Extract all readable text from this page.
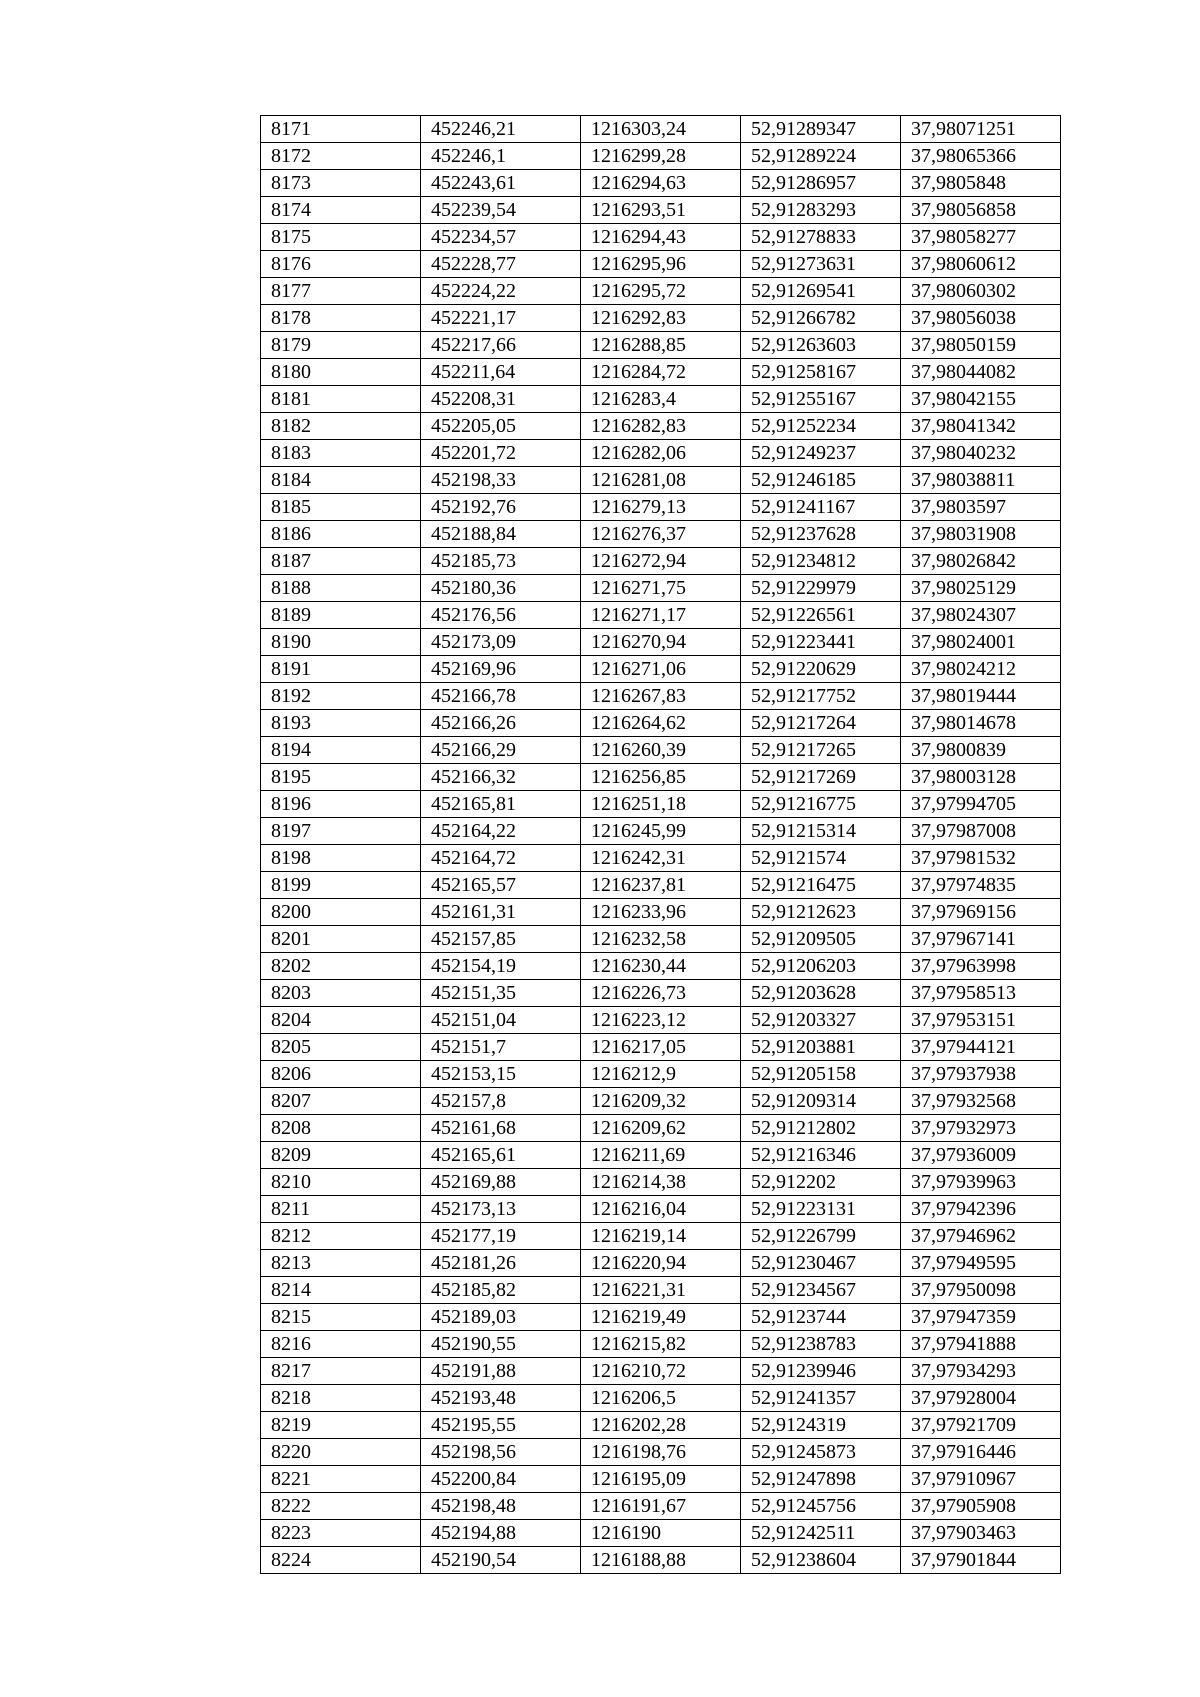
8171	452246,21	1216303,24	52,91289347	37,98071251
8172	452246,1	1216299,28	52,91289224	37,98065366
8173	452243,61	1216294,63	52,91286957	37,9805848
8174	452239,54	1216293,51	52,91283293	37,98056858
8175	452234,57	1216294,43	52,91278833	37,98058277
8176	452228,77	1216295,96	52,91273631	37,98060612
8177	452224,22	1216295,72	52,91269541	37,98060302
8178	452221,17	1216292,83	52,91266782	37,98056038
8179	452217,66	1216288,85	52,91263603	37,98050159
8180	452211,64	1216284,72	52,91258167	37,98044082
8181	452208,31	1216283,4	52,91255167	37,98042155
8182	452205,05	1216282,83	52,91252234	37,98041342
8183	452201,72	1216282,06	52,91249237	37,98040232
8184	452198,33	1216281,08	52,91246185	37,98038811
8185	452192,76	1216279,13	52,91241167	37,9803597
8186	452188,84	1216276,37	52,91237628	37,98031908
8187	452185,73	1216272,94	52,91234812	37,98026842
8188	452180,36	1216271,75	52,91229979	37,98025129
8189	452176,56	1216271,17	52,91226561	37,98024307
8190	452173,09	1216270,94	52,91223441	37,98024001
8191	452169,96	1216271,06	52,91220629	37,98024212
8192	452166,78	1216267,83	52,91217752	37,98019444
8193	452166,26	1216264,62	52,91217264	37,98014678
8194	452166,29	1216260,39	52,91217265	37,9800839
8195	452166,32	1216256,85	52,91217269	37,98003128
8196	452165,81	1216251,18	52,91216775	37,97994705
8197	452164,22	1216245,99	52,91215314	37,97987008
8198	452164,72	1216242,31	52,9121574	37,97981532
8199	452165,57	1216237,81	52,91216475	37,97974835
8200	452161,31	1216233,96	52,91212623	37,97969156
8201	452157,85	1216232,58	52,91209505	37,97967141
8202	452154,19	1216230,44	52,91206203	37,97963998
8203	452151,35	1216226,73	52,91203628	37,97958513
8204	452151,04	1216223,12	52,91203327	37,97953151
8205	452151,7	1216217,05	52,91203881	37,97944121
8206	452153,15	1216212,9	52,91205158	37,97937938
8207	452157,8	1216209,32	52,91209314	37,97932568
8208	452161,68	1216209,62	52,91212802	37,97932973
8209	452165,61	1216211,69	52,91216346	37,97936009
8210	452169,88	1216214,38	52,912202	37,97939963
8211	452173,13	1216216,04	52,91223131	37,97942396
8212	452177,19	1216219,14	52,91226799	37,97946962
8213	452181,26	1216220,94	52,91230467	37,97949595
8214	452185,82	1216221,31	52,91234567	37,97950098
8215	452189,03	1216219,49	52,9123744	37,97947359
8216	452190,55	1216215,82	52,91238783	37,97941888
8217	452191,88	1216210,72	52,91239946	37,97934293
8218	452193,48	1216206,5	52,91241357	37,97928004
8219	452195,55	1216202,28	52,9124319	37,97921709
8220	452198,56	1216198,76	52,91245873	37,97916446
8221	452200,84	1216195,09	52,91247898	37,97910967
8222	452198,48	1216191,67	52,91245756	37,97905908
8223	452194,88	1216190	52,91242511	37,97903463
8224	452190,54	1216188,88	52,91238604	37,97901844
